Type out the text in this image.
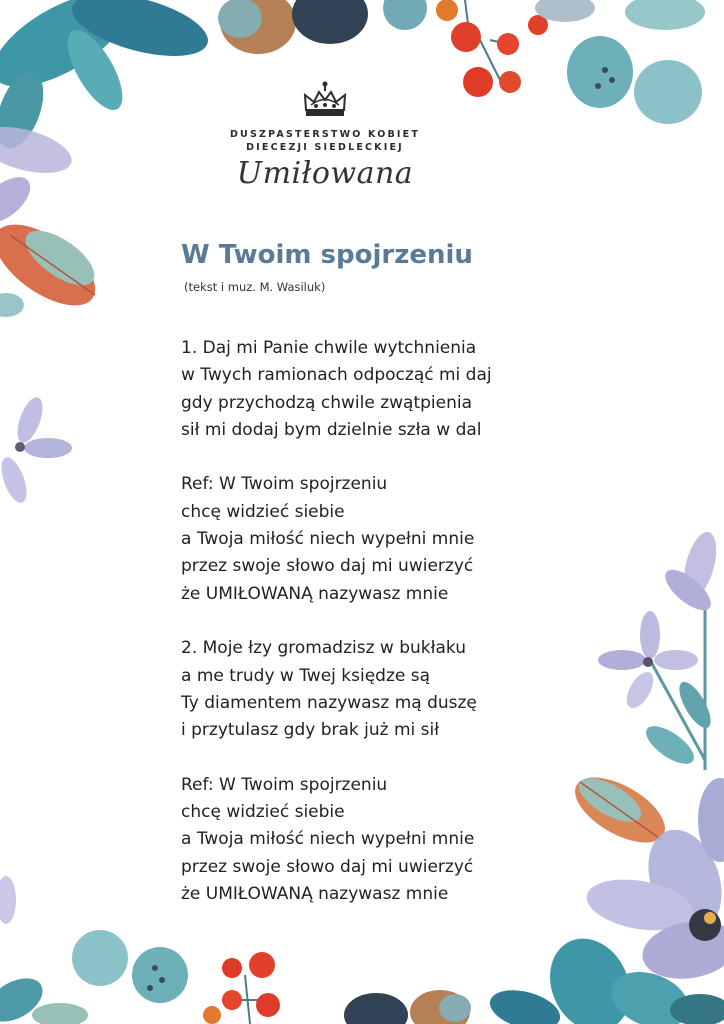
DUSZPASTERSTWO KOBIET
DIECEZJI SIEDLECKIEJ
Umiłowana
W Twoim spojrzeniu
(tekst i muz. M. Wasiluk)
1. Daj mi Panie chwile wytchnienia
w Twych ramionach odpocząć mi daj
gdy przychodzą chwile zwątpienia
sił mi dodaj bym dzielnie szła w dal
Ref: W Twoim spojrzeniu
chcę widzieć siebie
a Twoja miłość niech wypełni mnie
przez swoje słowo daj mi uwierzyć
że UMIŁOWANĄ nazywasz mnie
2. Moje łzy gromadzisz w bukłaku
a me trudy w Twej księdze są
Ty diamentem nazywasz mą duszę
i przytulasz gdy brak już mi sił
Ref: W Twoim spojrzeniu
chcę widzieć siebie
a Twoja miłość niech wypełni mnie
przez swoje słowo daj mi uwierzyć
że UMIŁOWANĄ nazywasz mnie
